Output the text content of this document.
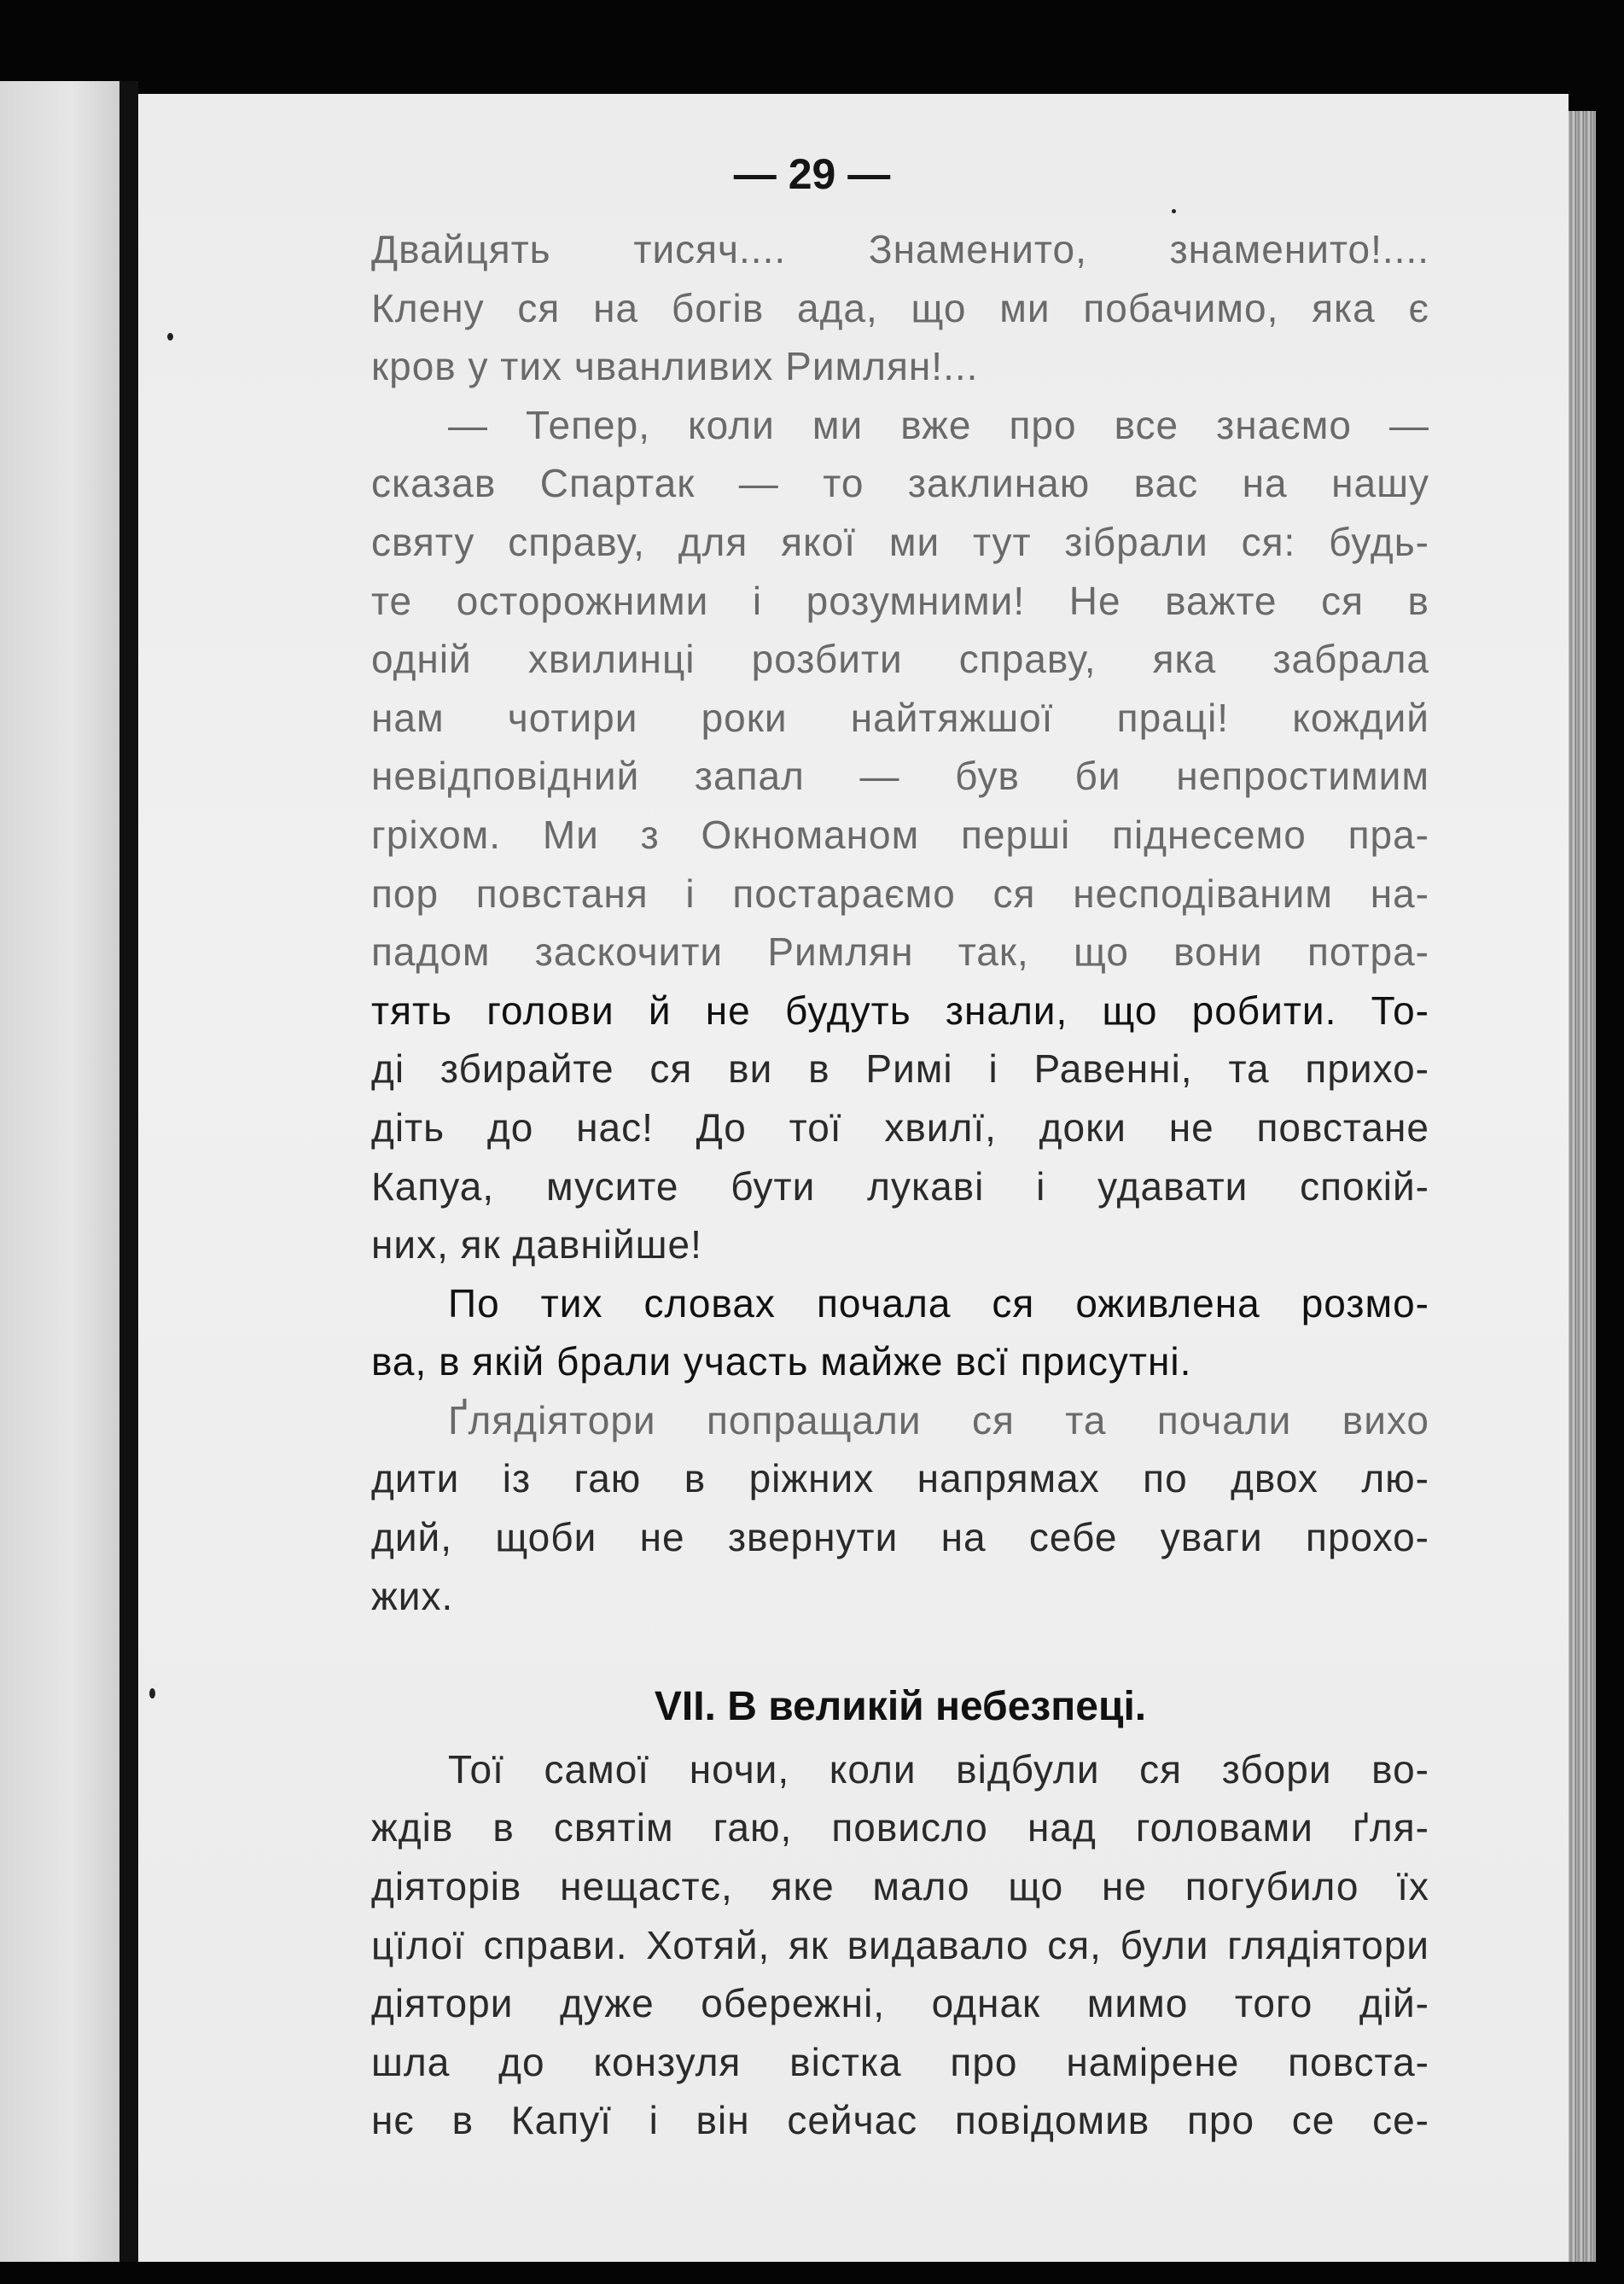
— 29 —
Двайцять тисяч.... Знаменито, знаменито!....
Клену ся на богів ада, що ми побачимо, яка є
кров у тих чванливих Римлян!...
— Тепер, коли ми вже про все знаємо —
сказав Спартак — то заклинаю вас на нашу
святу справу, для якої ми тут зібрали ся: будь-
те осторожними і розумними! Не важте ся в
одній хвилинці розбити справу, яка забрала
нам чотири роки найтяжшої праці! кождий
невідповідний запал — був би непростимим
гріхом. Ми з Окноманом перші піднесемо пра-
пор повстаня і постараємо ся несподіваним на-
падом заскочити Римлян так, що вони потра-
тять голови й не будуть знали, що робити. То-
ді збирайте ся ви в Римі і Равенні, та прихо-
діть до нас! До тої хвилї, доки не повстане
Капуа, мусите бути лукаві і удавати спокій-
них, як давнійше!
По тих словах почала ся оживлена розмо-
ва, в якій брали участь майже всї присутні.
Ґлядіятори попращали ся та почали вихо
дити із гаю в ріжних напрямах по двох лю-
дий, щоби не звернути на себе уваги прохо-
жих.
VII. В великій небезпеці.
Тої самої ночи, коли відбули ся збори во-
ждів в святім гаю, повисло над головами ґля-
діяторів нещастє, яке мало що не погубило їх
цїлої справи. Хотяй, як видавало ся, були глядіятори
діятори дуже обережні, однак мимо того дій-
шла до конзуля вістка про намірене повста-
нє в Капуї і він сейчас повідомив про се се-
